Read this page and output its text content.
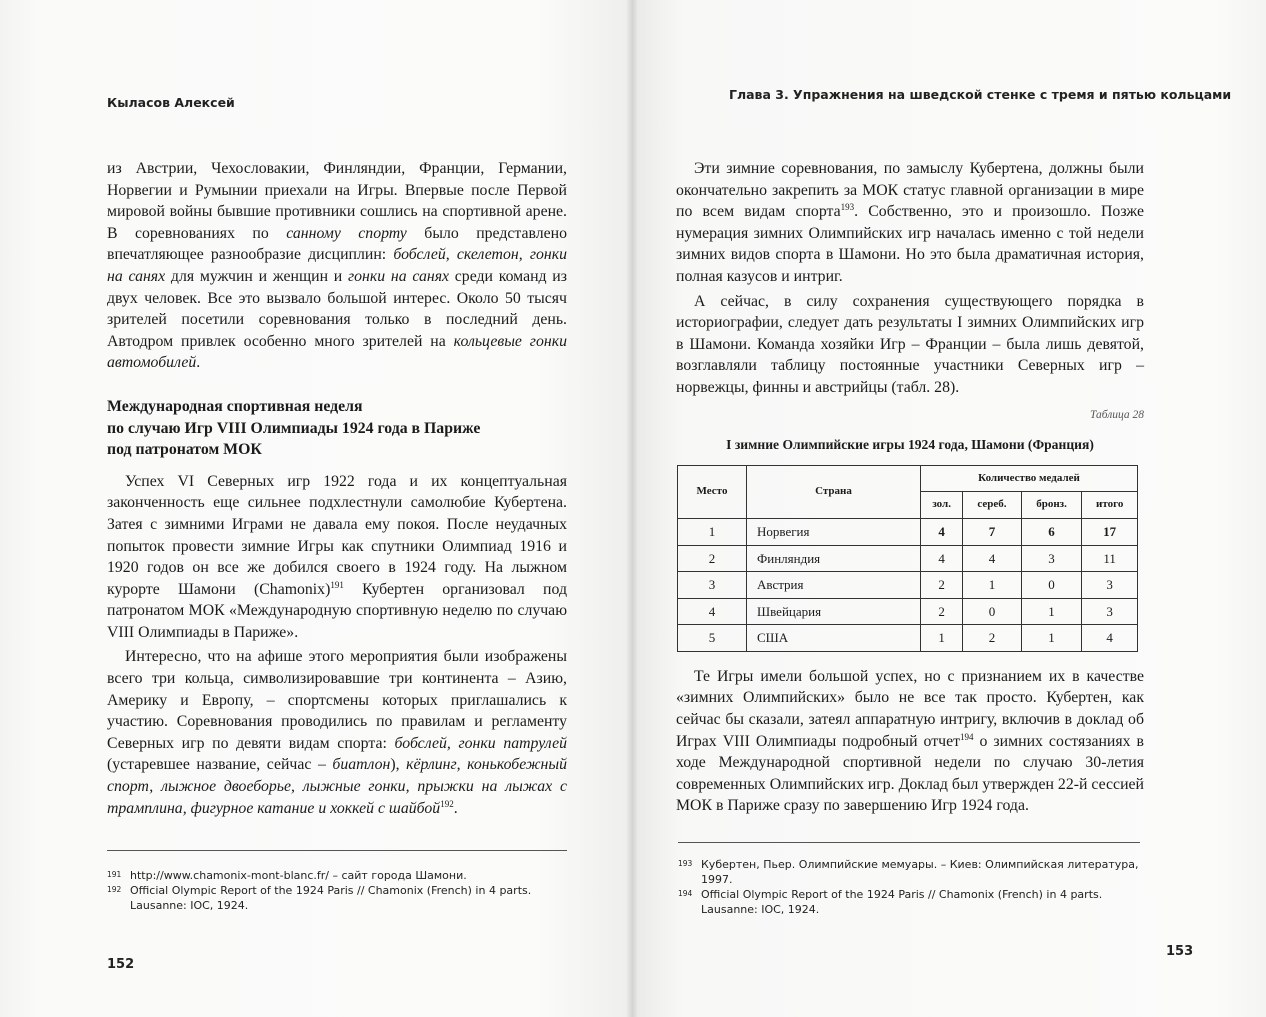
Кыласов Алексей

из Австрии, Чехословакии, Финляндии, Франции, Германии, Норвегии и Румынии приехали на Игры. Впервые после Первой мировой войны бывшие противники сошлись на спортивной арене. В соревнованиях по санному спорту было представлено впечатляющее разнообразие дисциплин: бобслей, скелетон, гонки на санях для мужчин и женщин и гонки на санях среди команд из двух человек. Все это вызвало большой интерес. Около 50 тысяч зрителей посетили соревнования только в последний день. Автодром привлек особенно много зрителей на кольцевые гонки автомобилей.

Международная спортивная неделя
по случаю Игр VIII Олимпиады 1924 года в Париже
под патронатом МОК

Успех VI Северных игр 1922 года и их концептуальная законченность еще сильнее подхлестнули самолюбие Кубертена. Затея с зимними Играми не давала ему покоя. После неудачных попыток провести зимние Игры как спутники Олимпиад 1916 и 1920 годов он все же добился своего в 1924 году. На лыжном курорте Шамони (Chamonix)$^{191}$ Кубертен организовал под патронатом МОК «Международную спортивную неделю по случаю VIII Олимпиады в Париже».

Интересно, что на афише этого мероприятия были изображены всего три кольца, символизировавшие три континента – Азию, Америку и Европу, – спортсмены которых приглашались к участию. Соревнования проводились по правилам и регламенту Северных игр по девяти видам спорта: бобслей, гонки патрулей (устаревшее название, сейчас – биатлон), кёрлинг, конькобежный спорт, лыжное двоеборье, лыжные гонки, прыжки на лыжах с трамплина, фигурное катание и хоккей с шайбой$^{192}$.

191 http://www.chamonix-mont-blanc.fr/ – сайт города Шамони.
192 Official Olympic Report of the 1924 Paris // Chamonix (French) in 4 parts. Lausanne: IOC, 1924.
152
Глава 3. Упражнения на шведской стенке с тремя и пятью кольцами

Эти зимние соревнования, по замыслу Кубертена, должны были окончательно закрепить за МОК статус главной организации в мире по всем видам спорта$^{193}$. Собственно, это и произошло. Позже нумерация зимних Олимпийских игр началась именно с той недели зимних видов спорта в Шамони. Но это была драматичная история, полная казусов и интриг.

А сейчас, в силу сохранения существующего порядка в историографии, следует дать результаты I зимних Олимпийских игр в Шамони. Команда хозяйки Игр – Франции – была лишь девятой, возглавляли таблицу постоянные участники Северных игр – норвежцы, финны и австрийцы (табл. 28).

Таблица 28
I зимние Олимпийские игры 1924 года, Шамони (Франция)
Место	Страна	Количество медалей			
		зол.	сереб.	бронз.	итого
1	Норвегия	4	7	6	17
2	Финляндия	4	4	3	11
3	Австрия	2	1	0	3
4	Швейцария	2	0	1	3
5	США	1	2	1	4

Те Игры имели большой успех, но с признанием их в качестве «зимних Олимпийских» было не все так просто. Кубертен, как сейчас бы сказали, затеял аппаратную интригу, включив в доклад об Играх VIII Олимпиады подробный отчет$^{194}$ о зимних состязаниях в ходе Международной спортивной недели по случаю 30-летия современных Олимпийских игр. Доклад был утвержден 22-й сессией МОК в Париже сразу по завершению Игр 1924 года.

193 Кубертен, Пьер. Олимпийские мемуары. – Киев: Олимпийская литература, 1997.
194 Official Olympic Report of the 1924 Paris // Chamonix (French) in 4 parts. Lausanne: IOC, 1924.
153
